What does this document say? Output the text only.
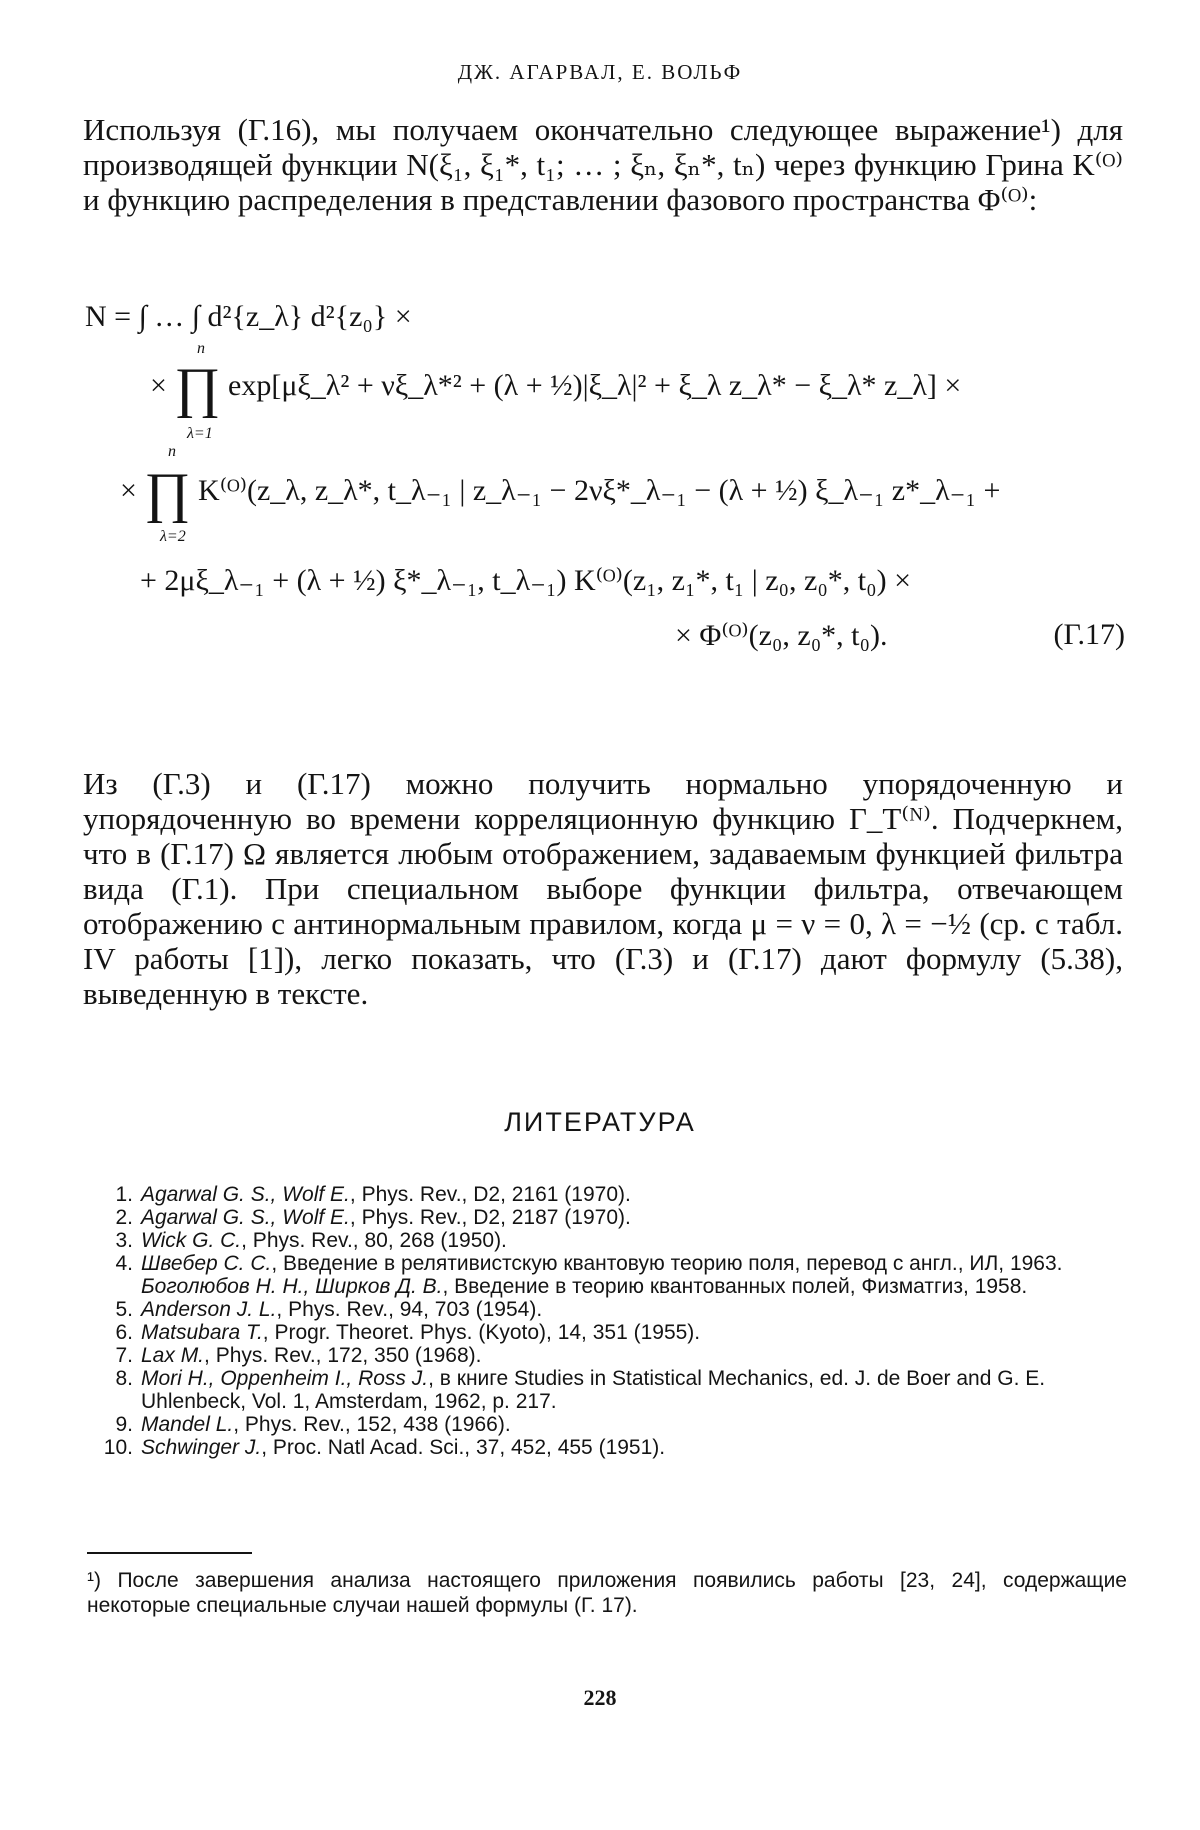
ДЖ. АГАРВАЛ, Е. ВОЛЬФ

Используя (Г.16), мы получаем окончательно следующее выражение¹) для производящей функции N(ξ₁, ξ₁*, t₁; … ; ξₙ, ξₙ*, tₙ) через функцию Грина K⁽ᴼ⁾ и функцию распределения в представлении фазового пространства Φ⁽ᴼ⁾:

N = ∫ … ∫ d²{z_λ} d²{z₀} ×
× ∏ exp[μξ_λ² + νξ_λ*² + (λ + ½)|ξ_λ|² + ξ_λ z_λ* − ξ_λ* z_λ] ×
n
λ=1
× ∏ K⁽ᴼ⁾(z_λ, z_λ*, t_λ₋₁ | z_λ₋₁ − 2νξ*_λ₋₁ − (λ + ½) ξ_λ₋₁ z*_λ₋₁ +
n
λ=2
+ 2μξ_λ₋₁ + (λ + ½) ξ*_λ₋₁, t_λ₋₁) K⁽ᴼ⁾(z₁, z₁*, t₁ | z₀, z₀*, t₀) ×
× Φ⁽ᴼ⁾(z₀, z₀*, t₀).	(Г.17)

Из (Г.3) и (Г.17) можно получить нормально упорядоченную и упорядоченную во времени корреляционную функцию Γ_T⁽ᴺ⁾. Подчеркнем, что в (Г.17) Ω является любым отображением, задаваемым функцией фильтра вида (Г.1). При специальном выборе функции фильтра, отвечающем отображению с антинормальным правилом, когда μ = ν = 0, λ = −½ (ср. с табл. IV работы [1]), легко показать, что (Г.3) и (Г.17) дают формулу (5.38), выведенную в тексте.

ЛИТЕРАТУРА
1. Agarwal G. S., Wolf E., Phys. Rev., D2, 2161 (1970).
2. Agarwal G. S., Wolf E., Phys. Rev., D2, 2187 (1970).
3. Wick G. C., Phys. Rev., 80, 268 (1950).
4. Швебер С. С., Введение в релятивистскую квантовую теорию поля, перевод с англ., ИЛ, 1963.
Боголюбов Н. Н., Ширков Д. В., Введение в теорию квантованных полей, Физматгиз, 1958.
5. Anderson J. L., Phys. Rev., 94, 703 (1954).
6. Matsubara T., Progr. Theoret. Phys. (Kyoto), 14, 351 (1955).
7. Lax M., Phys. Rev., 172, 350 (1968).
8. Mori H., Oppenheim I., Ross J., в книге Studies in Statistical Mechanics, ed. J. de Boer and G. E. Uhlenbeck, Vol. 1, Amsterdam, 1962, p. 217.
9. Mandel L., Phys. Rev., 152, 438 (1966).
10. Schwinger J., Proc. Natl Acad. Sci., 37, 452, 455 (1951).
¹) После завершения анализа настоящего приложения появились работы [23, 24], содержащие некоторые специальные случаи нашей формулы (Г. 17).
228
